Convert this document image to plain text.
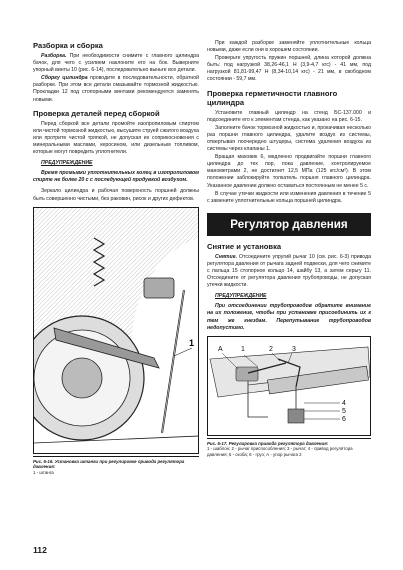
Разборка и сборка

Разборка. При необходимости снимите с главного цилиндра бачок, для чего с усилием наклоните его на бок. Выверните упорный винты 10 (рис. 6-14), последовательно выньте все детали.

Сборку цилиндра проводите в последовательности, обратной разборке. При этом все детали смазывайте тормозной жидкостью. Прокладки 12 под стопорными винтами рекомендуется заменять новыми.

Проверка деталей перед сборкой

Перед сборкой все детали промойте изопропиловым спиртом или чистой тормозной жидкостью, высушите струей сжатого воздуха или протрите чистой тряпкой, не допуская их соприкосновения с минеральными маслами, керосином, или дизельным топливом, которые могут повредить уплотнители.

ПРЕДУПРЕЖДЕНИЕ

Время промывки уплотнительных колец в изопропиловом спирте не более 20 с с последующей продувкой воздухом.

Зеркало цилиндра и рабочая поверхность поршней должны быть совершенно чистыми, без раковин, рисок и других дефектов.

1
Рис. 6-16. Установка штанги при регулировке привода регулятора давления:
1 - штанга

При каждой разборке заменяйте уплотнительные кольца новыми, даже если они в хорошем состоянии.

Проверьте упругость пружин поршней, длина которой должна быть: под нагрузкой 38,26-46,1 Н (3,9-4,7 кгс) - 41 мм, под нагрузкой 81,81-99,47 Н (8,34-10,14 кгс) - 21 мм, в свободном состоянии - 59,7 мм.

Проверка герметичности главного цилиндра

Установите главный цилиндр на стенд БС-137.000 и подсоедините его к элементам стенда, как указано на рис. 6-15.

Заполните бачок тормозной жидкостью и, прокачивая несколько раз поршни главного цилиндра, удалите воздух из системы, отвертывая поочередно штуцеры, система удаления воздуха из системы через клапаны 1.

Вращая маховик 6, медленно продвигайте поршни главного цилиндра до тех пор, пока давление, контролируемое манометрами 2, не достигнет 12,5 МПа (125 кгс/см²). В этом положении заблокируйте толкатель поршня главного цилиндра. Указанное давление должно оставаться постоянным не менее 5 с.

В случае утечки жидкости или изменения давления в течение 5 с замените уплотнительные кольца поршней цилиндра.

Регулятор давления
Снятие и установка

Снятие. Отсоедините упругий рычаг 10 (см. рис. 6-3) привода регулятора давления от рычага задней подвески, для чего снимите с пальца 15 стопорное кольцо 14, шайбу 13, а затем серьгу 11. Отсоедините от регулятора давления трубопроводы, не допуская утечки жидкости.

ПРЕДУПРЕЖДЕНИЕ

При отсоединении трубопроводов обратите внимание на их положение, чтобы при установке присоединить их к тем же гнездам. Перепутывание трубопроводов недопустимо.

А	1	2	3
4
5
6
Рис. 6-17. Регулировка привода регулятора давления:
1 - шаблон; 2 - рычаг приспособления; 3 - рычаг; 4 - привод регулятора давления; 5 - скоба; 6 - груз; А - упор рычага 2
112
